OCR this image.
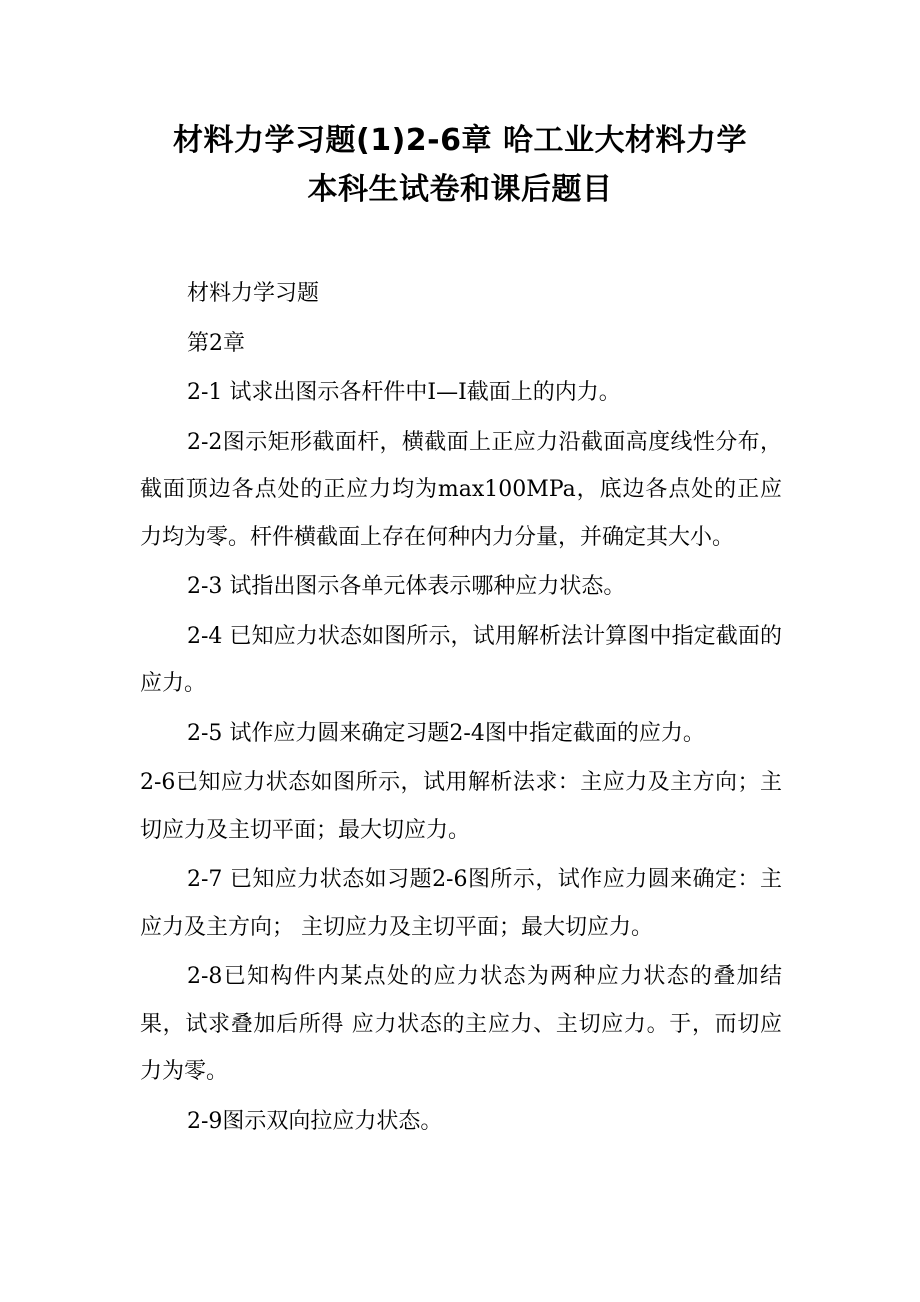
材料力学习题(1)2-6章 哈工业大材料力学
本科生试卷和课后题目

材料力学习题

第2章

2-1 试求出图示各杆件中Ⅰ—Ⅰ截面上的内力。

2-2图示矩形截面杆，横截面上正应力沿截面高度线性分布，截面顶边各点处的正应力均为max100MPa，底边各点处的正应力均为零。杆件横截面上存在何种内力分量，并确定其大小。

2-3 试指出图示各单元体表示哪种应力状态。

2-4 已知应力状态如图所示，试用解析法计算图中指定截面的应力。

2-5 试作应力圆来确定习题2-4图中指定截面的应力。

2-6已知应力状态如图所示，试用解析法求：主应力及主方向；主切应力及主切平面；最大切应力。

2-7 已知应力状态如习题2-6图所示，试作应力圆来确定：主应力及主方向； 主切应力及主切平面；最大切应力。

2-8已知构件内某点处的应力状态为两种应力状态的叠加结果，试求叠加后所得 应力状态的主应力、主切应力。于，而切应力为零。

2-9图示双向拉应力状态。
